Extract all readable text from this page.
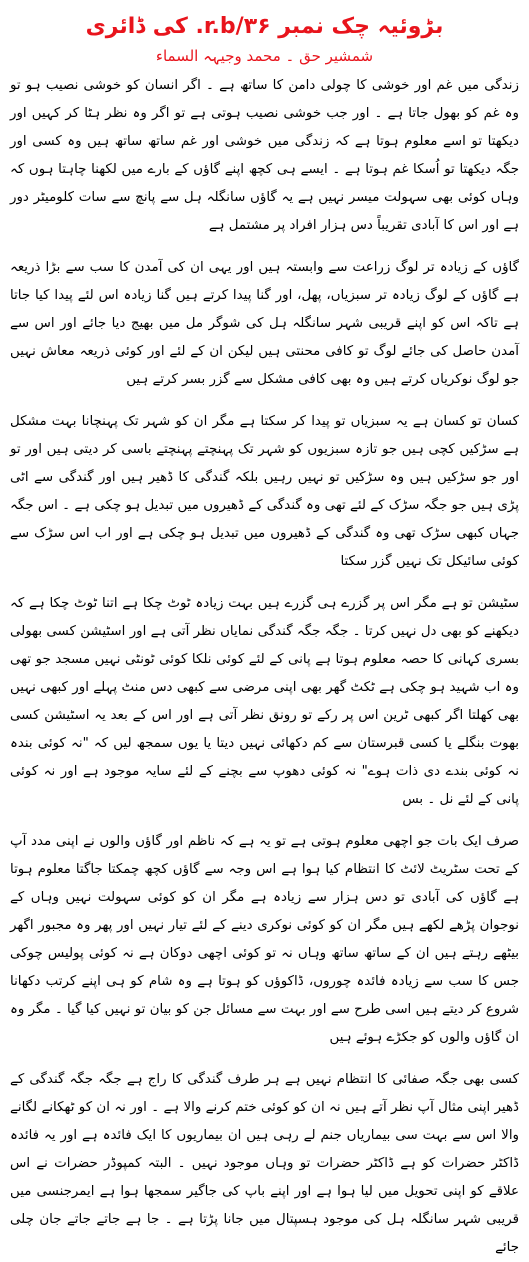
بڑوئیہ چک نمبر ۳۶/r.b. کی ڈائری

شمشیر حق ۔ محمد وجیہہ السماء

زندگی میں غم اور خوشی کا چولی دامن کا ساتھ ہے ۔ اگر انسان کو خوشی نصیب ہو تو وہ غم کو بھول جاتا ہے ۔ اور جب خوشی نصیب ہوتی ہے تو اگر وہ نظر ہٹا کر کہیں اور دیکھتا تو اسے معلوم ہوتا ہے کہ زندگی میں خوشی اور غم ساتھ ساتھ ہیں وہ کسی اور جگہ دیکھتا تو اُسکا غم ہوتا ہے ۔ ایسے ہی کچھ اپنے گاؤں کے بارے میں لکھنا چاہتا ہوں کہ وہاں کوئی بھی سہولت میسر نہیں ہے یہ گاؤں سانگلہ ہل سے پانچ سے سات کلومیٹر دور ہے اور اس کا آبادی تقریباً دس ہزار افراد پر مشتمل ہے

گاؤں کے زیادہ تر لوگ زراعت سے وابستہ ہیں اور یہی ان کی آمدن کا سب سے بڑا ذریعہ ہے گاؤں کے لوگ زیادہ تر سبزیاں، پھل، اور گنا پیدا کرتے ہیں گنا زیادہ اس لئے پیدا کیا جاتا ہے تاکہ اس کو اپنے قریبی شہر سانگلہ ہل کی شوگر مل میں بھیج دیا جائے اور اس سے آمدن حاصل کی جائے لوگ تو کافی محنتی ہیں لیکن ان کے لئے اور کوئی ذریعہ معاش نہیں جو لوگ نوکریاں کرتے ہیں وہ بھی کافی مشکل سے گزر بسر کرتے ہیں

کسان تو کسان ہے یہ سبزیاں تو پیدا کر سکتا ہے مگر ان کو شہر تک پہنچانا بہت مشکل ہے سڑکیں کچی ہیں جو تازہ سبزیوں کو شہر تک پہنچتے پہنچتے باسی کر دیتی ہیں اور تو اور جو سڑکیں ہیں وہ سڑکیں تو نہیں رہیں بلکہ گندگی کا ڈھیر ہیں اور گندگی سے اٹی پڑی ہیں جو جگہ سڑک کے لئے تھی وہ گندگی کے ڈھیروں میں تبدیل ہو چکی ہے ۔ اس جگہ جہاں کبھی سڑک تھی وہ گندگی کے ڈھیروں میں تبدیل ہو چکی ہے اور اب اس سڑک سے کوئی سائیکل تک نہیں گزر سکتا

سٹیشن تو ہے مگر اس پر گزرے ہی گزرے ہیں بہت زیادہ ٹوٹ چکا ہے اتنا ٹوٹ چکا ہے کہ دیکھنے کو بھی دل نہیں کرتا ۔ جگہ جگہ گندگی نمایاں نظر آتی ہے اور اسٹیشن کسی بھولی بسری کہانی کا حصہ معلوم ہوتا ہے پانی کے لئے کوئی نلکا کوئی ٹونٹی نہیں مسجد جو تھی وہ اب شہید ہو چکی ہے ٹکٹ گھر بھی اپنی مرضی سے کبھی دس منٹ پہلے اور کبھی نہیں بھی کھلتا اگر کبھی ٹرین اس پر رکے تو رونق نظر آتی ہے اور اس کے بعد یہ اسٹیشن کسی بھوت بنگلے یا کسی قبرستان سے کم دکھائی نہیں دیتا یا یوں سمجھ لیں کہ "نہ کوئی بندہ نہ کوئی بندے دی ذات ہوے" نہ کوئی دھوپ سے بچنے کے لئے سایہ موجود ہے اور نہ کوئی پانی کے لئے نل ۔ بس

صرف ایک بات جو اچھی معلوم ہوتی ہے تو یہ ہے کہ ناظم اور گاؤں والوں نے اپنی مدد آپ کے تحت سٹریٹ لائٹ کا انتظام کیا ہوا ہے اس وجہ سے گاؤں کچھ چمکتا جاگتا معلوم ہوتا ہے گاؤں کی آبادی تو دس ہزار سے زیادہ ہے مگر ان کو کوئی سہولت نہیں وہاں کے نوجوان پڑھے لکھے ہیں مگر ان کو کوئی نوکری دینے کے لئے تیار نہیں اور پھر وہ مجبور اگھر بیٹھے رہتے ہیں ان کے ساتھ ساتھ وہاں نہ تو کوئی اچھی دوکان ہے نہ کوئی پولیس چوکی جس کا سب سے زیادہ فائدہ چوروں، ڈاکوؤں کو ہوتا ہے وہ شام کو ہی اپنے کرتب دکھانا شروع کر دیتے ہیں اسی طرح سے اور بہت سے مسائل جن کو بیان تو نہیں کیا گیا ۔ مگر وہ ان گاؤں والوں کو جکڑے ہوئے ہیں

کسی بھی جگہ صفائی کا انتظام نہیں ہے ہر طرف گندگی کا راج ہے جگہ جگہ گندگی کے ڈھیر اپنی مثال آپ نظر آتے ہیں نہ ان کو کوئی ختم کرنے والا ہے ۔ اور نہ ان کو ٹھکانے لگانے والا اس سے بہت سی بیماریاں جنم لے رہی ہیں ان بیماریوں کا ایک فائدہ ہے اور یہ فائدہ ڈاکٹر حضرات کو ہے ڈاکٹر حضرات تو وہاں موجود نہیں ۔ البتہ کمپوڈر حضرات نے اس علاقے کو اپنی تحویل میں لیا ہوا ہے اور اپنے باپ کی جاگیر سمجھا ہوا ہے ایمرجنسی میں قریبی شہر سانگلہ ہل کی موجود ہسپتال میں جانا پڑتا ہے ۔ جا ہے جاتے جاتے جان چلی جائے
